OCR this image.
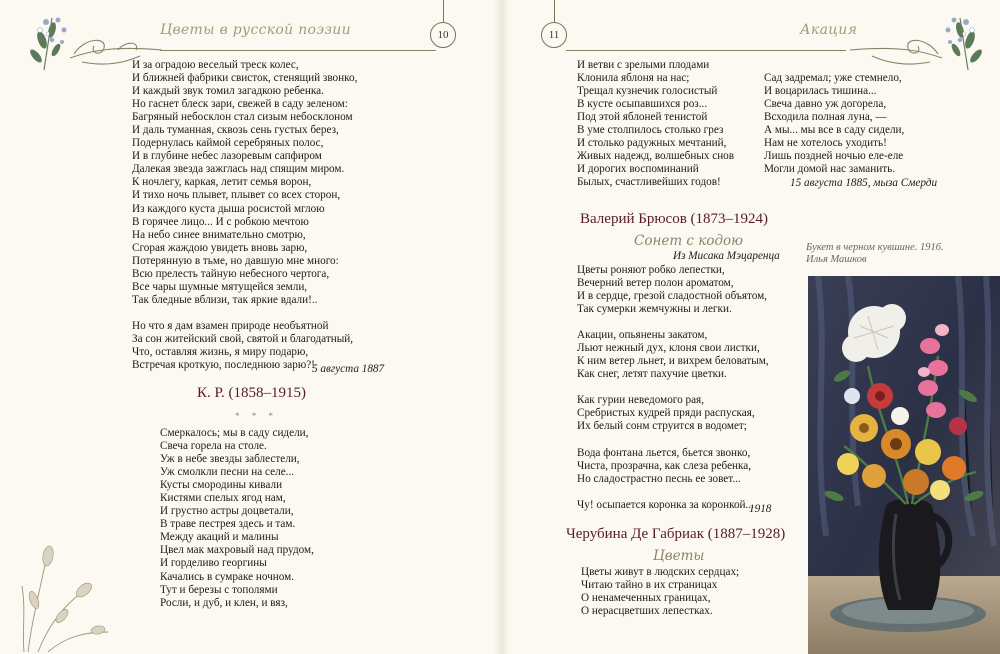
Цветы в русской поэзии	10	Акация
11
И за оградою веселый треск колес,
И ближней фабрики свисток, стенящий звонко,
И каждый звук томил загадкою ребенка.
Но гаснет блеск зари, свежей в саду зеленом:
Багряный небосклон стал сизым небосклоном
И даль туманная, сквозь сень густых берез,
Подернулась каймой серебряных полос,
И в глубине небес лазоревым сапфиром
Далекая звезда зажглась над спящим миром.
К ночлегу, каркая, летит семья ворон,
И тихо ночь плывет, плывет со всех сторон,
Из каждого куста дыша росистой мглою
В горячее лицо... И с робкою мечтою
На небо синее внимательно смотрю,
Сгорая жаждою увидеть вновь зарю,
Потерянную в тьме, но давшую мне много:
Всю прелесть тайную небесного чертога,
Все чары шумные мятущейся земли,
Так бледные вблизи, так яркие вдали!..
Но что я дам взамен природе необъятной
За сон житейский свой, святой и благодатный,
Что, оставляя жизнь, я миру подарю,
Встречая кроткую, последнюю зарю?!
5 августа 1887
К. Р. (1858–1915)
* * *
Смеркалось; мы в саду сидели,
Свеча горела на столе.
Уж в небе звезды заблестели,
Уж смолкли песни на селе...
Кусты смородины кивали
Кистями спелых ягод нам,
И грустно астры доцветали,
В траве пестрея здесь и там.
Между акаций и малины
Цвел мак махровый над прудом,
И горделиво георгины
Качались в сумраке ночном.
Тут и березы с тополями
Росли, и дуб, и клен, и вяз,
И ветви с зрелыми плодами
Клонила яблоня на нас;
Трещал кузнечик голосистый
В кусте осыпавшихся роз...
Под этой яблоней тенистой
В уме столпилось столько грез
И столько радужных мечтаний,
Живых надежд, волшебных снов
И дорогих воспоминаний
Былых, счастливейших годов!
Сад задремал; уже стемнело,
И воцарилась тишина...
Свеча давно уж догорела,
Всходила полная луна, —
А мы... мы все в саду сидели,
Нам не хотелось уходить!
Лишь поздней ночью еле-еле
Могли домой нас заманить.
15 августа 1885, мыза Смерди
Валерий Брюсов (1873–1924)
Сонет с кодою
Из Мисака Мэцаренца
Цветы роняют робко лепестки,
Вечерний ветер полон ароматом,
И в сердце, грезой сладостной объятом,
Так сумерки жемчужны и легки.
Акации, опьянены закатом,
Льют нежный дух, клоня свои листки,
К ним ветер льнет, и вихрем беловатым,
Как снег, летят пахучие цветки.
Как гурии неведомого рая,
Сребристых кудрей пряди распуская,
Их белый сонм струится в водомет;
Вода фонтана льется, бьется звонко,
Чиста, прозрачна, как слеза ребенка,
Но сладострастно песнь ее зовет...
Чу! осыпается коронка за коронкой...
1918
Черубина Де Габриак (1887–1928)
Цветы
Цветы живут в людских сердцах;
Читаю тайно в их страницах
О ненамеченных границах,
О нерасцветших лепестках.
Букет в черном кувшине. 1916.
Илья Машков
